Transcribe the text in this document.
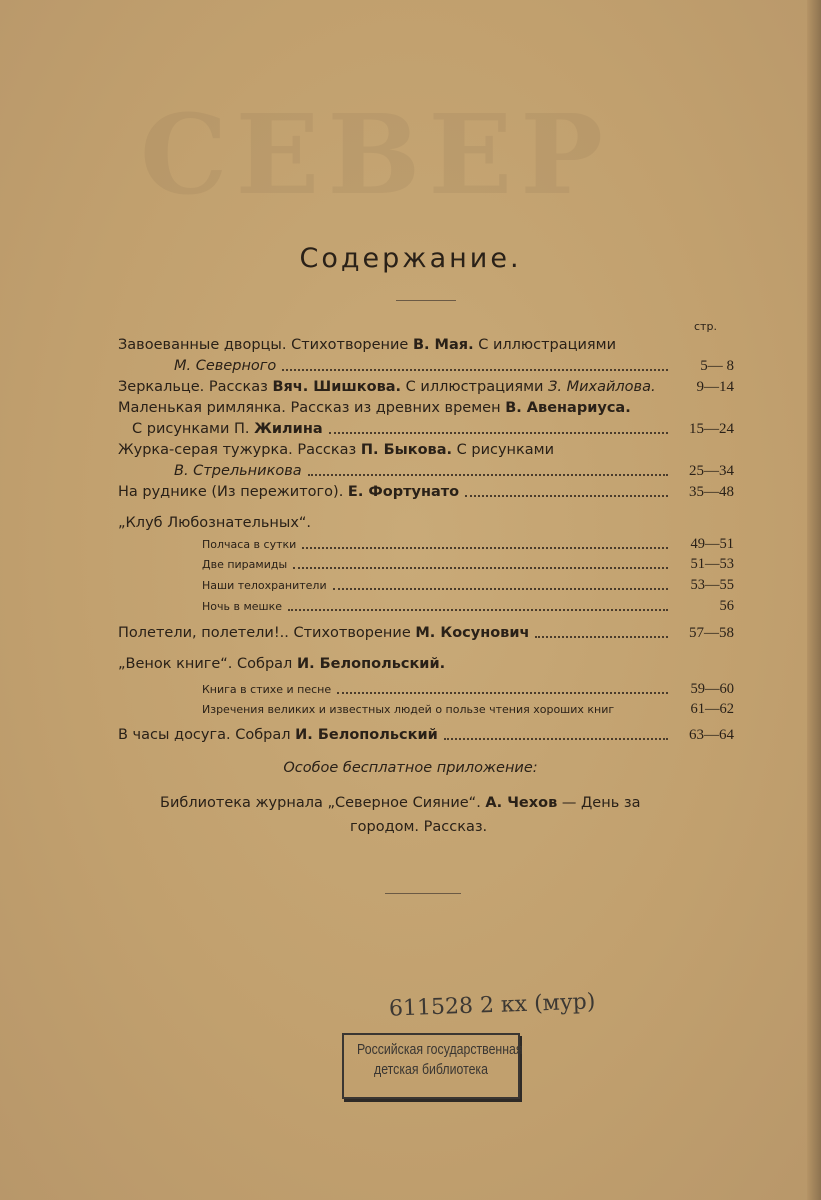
СЕВЕР
Содержание.
стр.
Завоеванные дворцы. Стихотворение В. Мая. С иллюстрациями
М. Северного	5— 8
Зеркальце. Рассказ Вяч. Шишкова. С иллюстрациями З. Михайлова.	9—14
Маленькая римлянка. Рассказ из древних времен В. Авенариуса.
С рисунками П. Жилина	15—24
Журка-серая тужурка. Рассказ П. Быкова. С рисунками
В. Стрельникова	25—34
На руднике (Из пережитого). Е. Фортунато	35—48
„Клуб Любознательных“.
Полчаса в сутки	49—51
Две пирамиды	51—53
Наши телохранители	53—55
Ночь в мешке	56
Полетели, полетели!.. Стихотворение М. Косунович	57—58
„Венок книге“. Собрал И. Белопольский.
Книга в стихе и песне	59—60
Изречения великих и известных людей о пользе чтения хороших книг	61—62
В часы досуга. Собрал И. Белопольский	63—64
Особое бесплатное приложение:
Библиотека журнала „Северное Сияние“. А. Чехов — День за
городом. Рассказ.
611528 2 кх (мур)
Российская государственная
детская библиотека
